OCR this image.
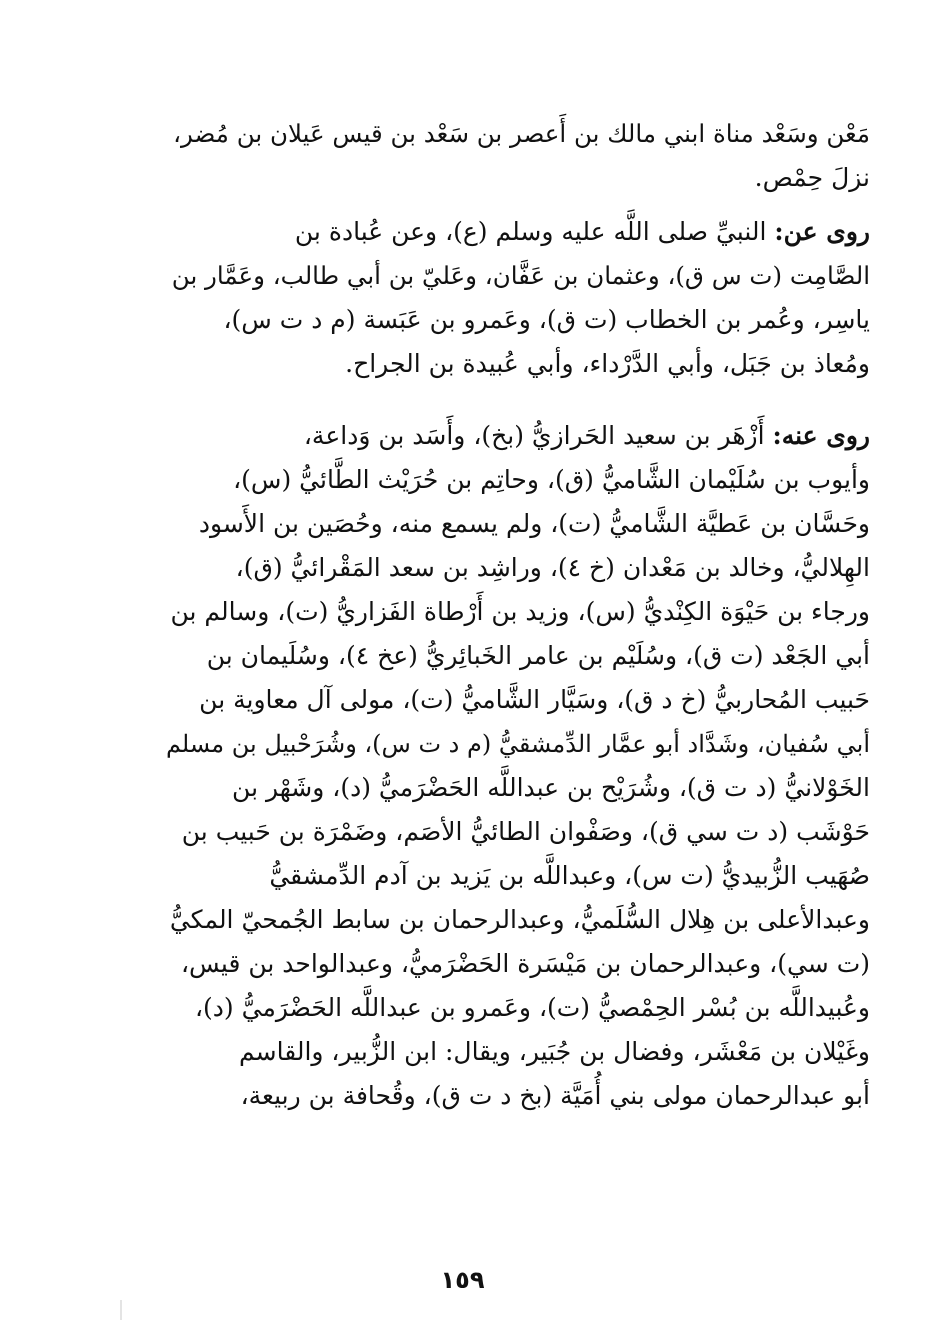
مَعْن وسَعْد مناة ابني مالك بن أَعصر بن سَعْد بن قيس عَيلان بن مُضر،
نزلَ حِمْص.

روى عن: النبيِّ صلى اللَّه عليه وسلم (ع)، وعن عُبادة بن
الصَّامِت (ت س ق)، وعثمان بن عَفَّان، وعَليّ بن أبي طالب، وعَمَّار بن
ياسِر، وعُمر بن الخطاب (ت ق)، وعَمرو بن عَبَسة (م د ت س)،
ومُعاذ بن جَبَل، وأبي الدَّرْداء، وأبي عُبيدة بن الجراح.

روى عنه: أَزْهَر بن سعيد الحَرازيُّ (بخ)، وأَسَد بن وَداعة،
وأيوب بن سُلَيْمان الشَّاميُّ (ق)، وحاتِم بن حُرَيْث الطَّائيُّ (س)،
وحَسَّان بن عَطيَّة الشَّاميُّ (ت)، ولم يسمع منه، وحُصَين بن الأَسود
الهِلاليُّ، وخالد بن مَعْدان (خ ٤)، وراشِد بن سعد المَقْرائيُّ (ق)،
ورجاء بن حَيْوَة الكِنْديُّ (س)، وزيد بن أَرْطاة الفَزاريُّ (ت)، وسالم بن
أبي الجَعْد (ت ق)، وسُلَيْم بن عامر الخَبائِريُّ (عخ ٤)، وسُلَيمان بن
حَبيب المُحاربيُّ (خ د ق)، وسَيَّار الشَّاميُّ (ت)، مولى آل معاوية بن
أبي سُفيان، وشَدَّاد أبو عمَّار الدِّمشقيُّ (م د ت س)، وشُرَحْبيل بن مسلم
الخَوْلانيُّ (د ت ق)، وشُرَيْح بن عبداللَّه الحَضْرَميُّ (د)، وشَهْر بن
حَوْشَب (د ت سي ق)، وصَفْوان الطائيُّ الأصَم، وضَمْرَة بن حَبيب بن
صُهَيب الزُّبيديُّ (ت س)، وعبداللَّه بن يَزيد بن آدم الدِّمشقيُّ
وعبدالأعلى بن هِلال السُّلَميُّ، وعبدالرحمان بن سابط الجُمحيّ المكيُّ
(ت سي)، وعبدالرحمان بن مَيْسَرة الحَضْرَميُّ، وعبدالواحد بن قيس،
وعُبيداللَّه بن بُسْر الحِمْصيُّ (ت)، وعَمرو بن عبداللَّه الحَضْرَميُّ (د)،
وغَيْلان بن مَعْشَر، وفضال بن جُبَير، ويقال: ابن الزُّبير، والقاسم
أبو عبدالرحمان مولى بني أُمَيَّة (بخ د ت ق)، وقُحافة بن ربيعة،

١٥٩
